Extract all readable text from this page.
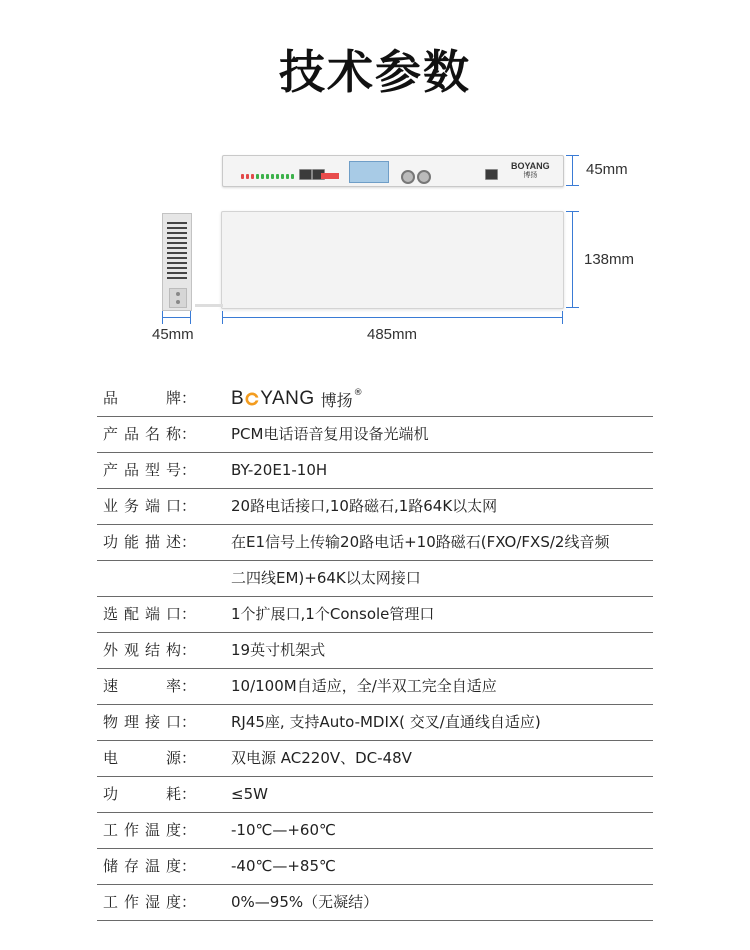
技术参数
BOYANG
博扬	45mm
138mm
45mm	485mm
品牌 ： B YANG 博扬 ®
产品名称 ： PCM电话语音复用设备光端机
产品型号 ： BY-20E1-10H
业务端口 ： 20路电话接口,10路磁石,1路64K以太网
功能描述 ： 在E1信号上传输20路电话+10路磁石(FXO/FXS/2线音频
二四线EM)+64K以太网接口
选配端口 ： 1个扩展口,1个Console管理口
外观结构 ： 19英寸机架式
速率 ： 10/100M自适应，全/半双工完全自适应
物理接口 ： RJ45座, 支持Auto-MDIX( 交叉/直通线自适应)
电源 ： 双电源 AC220V、DC-48V
功耗 ： ≤5W
工作温度 ： -10℃—+60℃
储存温度 ： -40℃—+85℃
工作湿度 ： 0%—95%（无凝结）
